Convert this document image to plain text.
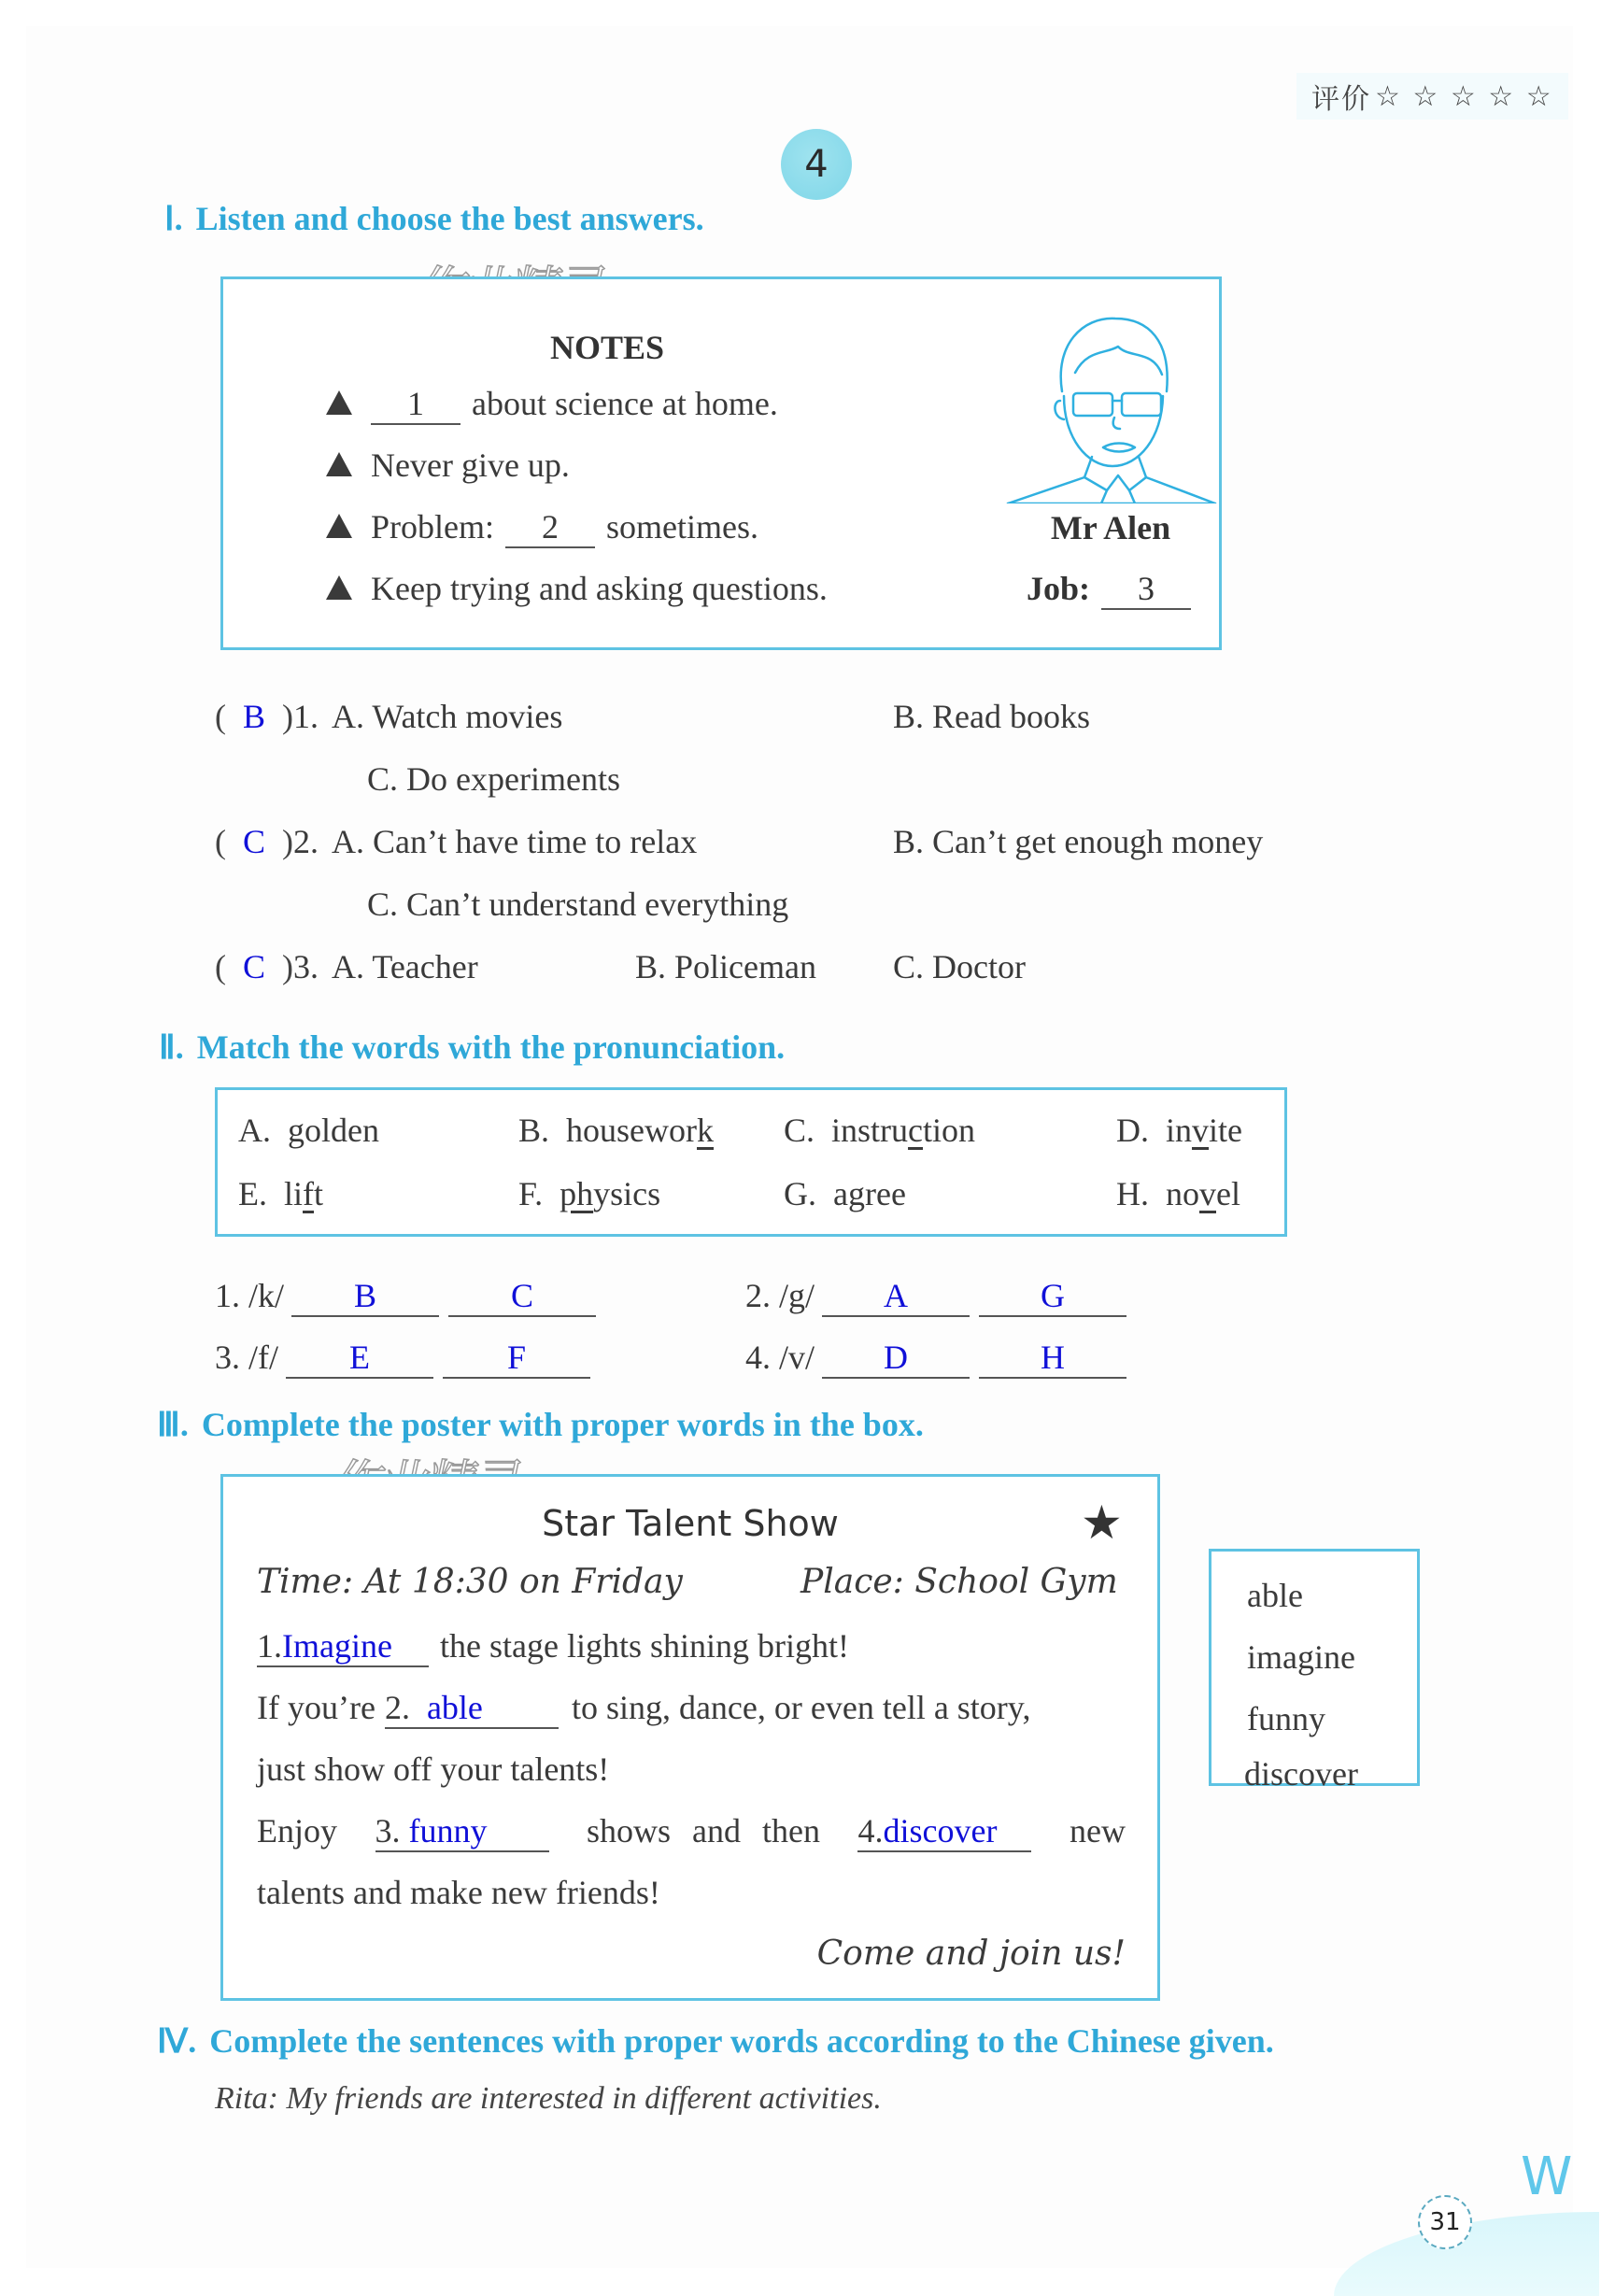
评价 ☆ ☆ ☆ ☆ ☆
4
Ⅰ. Listen and choose the best answers.
NOTES
1	about science at home.
Never give up.
Problem:	2	sometimes.
Keep trying and asking questions.
Mr Alen
Job:	3
( B ) 1. A. Watch movies	B. Read books
C. Do experiments
( C ) 2. A. Can’t have time to relax	B. Can’t get enough money
C. Can’t understand everything
( C ) 3. A. Teacher	B. Policeman C. Doctor
Ⅱ. Match the words with the pronunciation.
A. golden	B. housework C. instruction	D. invite
E. lift	F. physics	G. agree	H. novel
1. /k/	B	C	2. /g/	A	G
3. /f/	E	F	4. /v/	D	H
Ⅲ. Complete the poster with proper words in the box.
Star Talent Show	★
Time: At 18:30 on Friday	Place: School Gym
1.Imagine	the stage lights shining bright!
If you’re 2. able	to sing, dance, or even tell a story,
just show off your talents!
Enjoy 3. funny	shows and then 4.discover	new
talents and make new friends!
Come and join us!
able
imagine
funny
discover
Ⅳ. Complete the sentences with proper words according to the Chinese given.
Rita: My friends are interested in different activities.
W
31
